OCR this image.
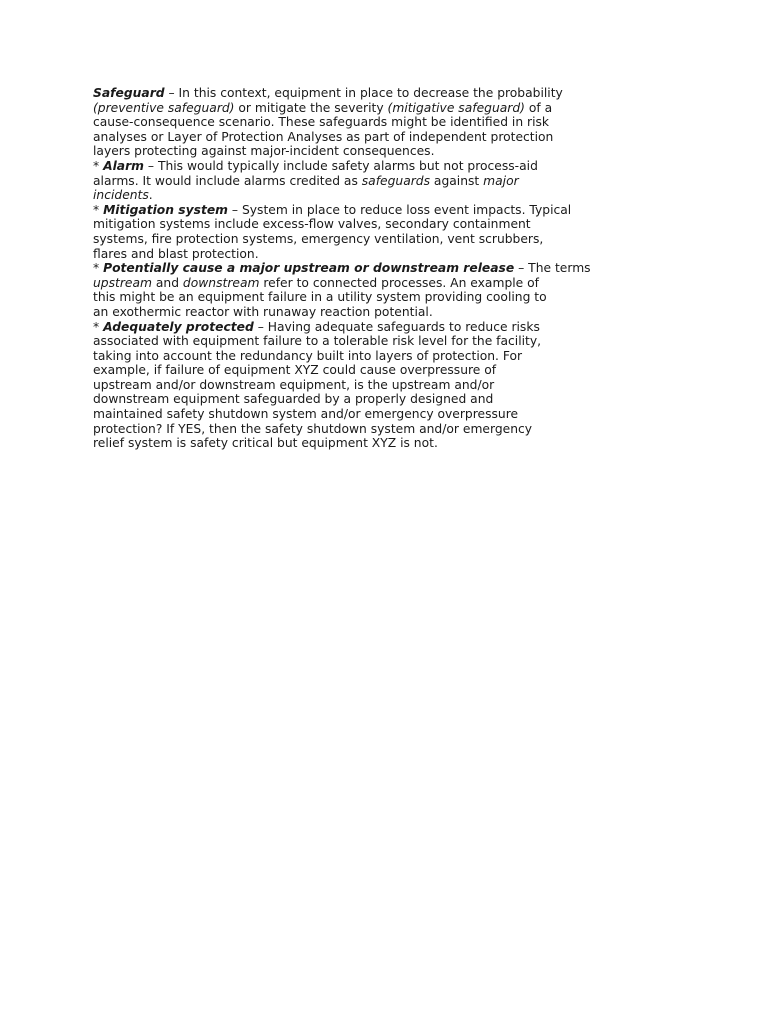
Safeguard – In this context, equipment in place to decrease the probability
(preventive safeguard) or mitigate the severity (mitigative safeguard) of a
cause-consequence scenario. These safeguards might be identified in risk
analyses or Layer of Protection Analyses as part of independent protection
layers protecting against major-incident consequences.
* Alarm – This would typically include safety alarms but not process-aid
alarms. It would include alarms credited as safeguards against major
incidents.
* Mitigation system – System in place to reduce loss event impacts. Typical
mitigation systems include excess-flow valves, secondary containment
systems, fire protection systems, emergency ventilation, vent scrubbers,
flares and blast protection.
* Potentially cause a major upstream or downstream release – The terms
upstream and downstream refer to connected processes. An example of
this might be an equipment failure in a utility system providing cooling to
an exothermic reactor with runaway reaction potential.
* Adequately protected – Having adequate safeguards to reduce risks
associated with equipment failure to a tolerable risk level for the facility,
taking into account the redundancy built into layers of protection. For
example, if failure of equipment XYZ could cause overpressure of
upstream and/or downstream equipment, is the upstream and/or
downstream equipment safeguarded by a properly designed and
maintained safety shutdown system and/or emergency overpressure
protection? If YES, then the safety shutdown system and/or emergency
relief system is safety critical but equipment XYZ is not.
